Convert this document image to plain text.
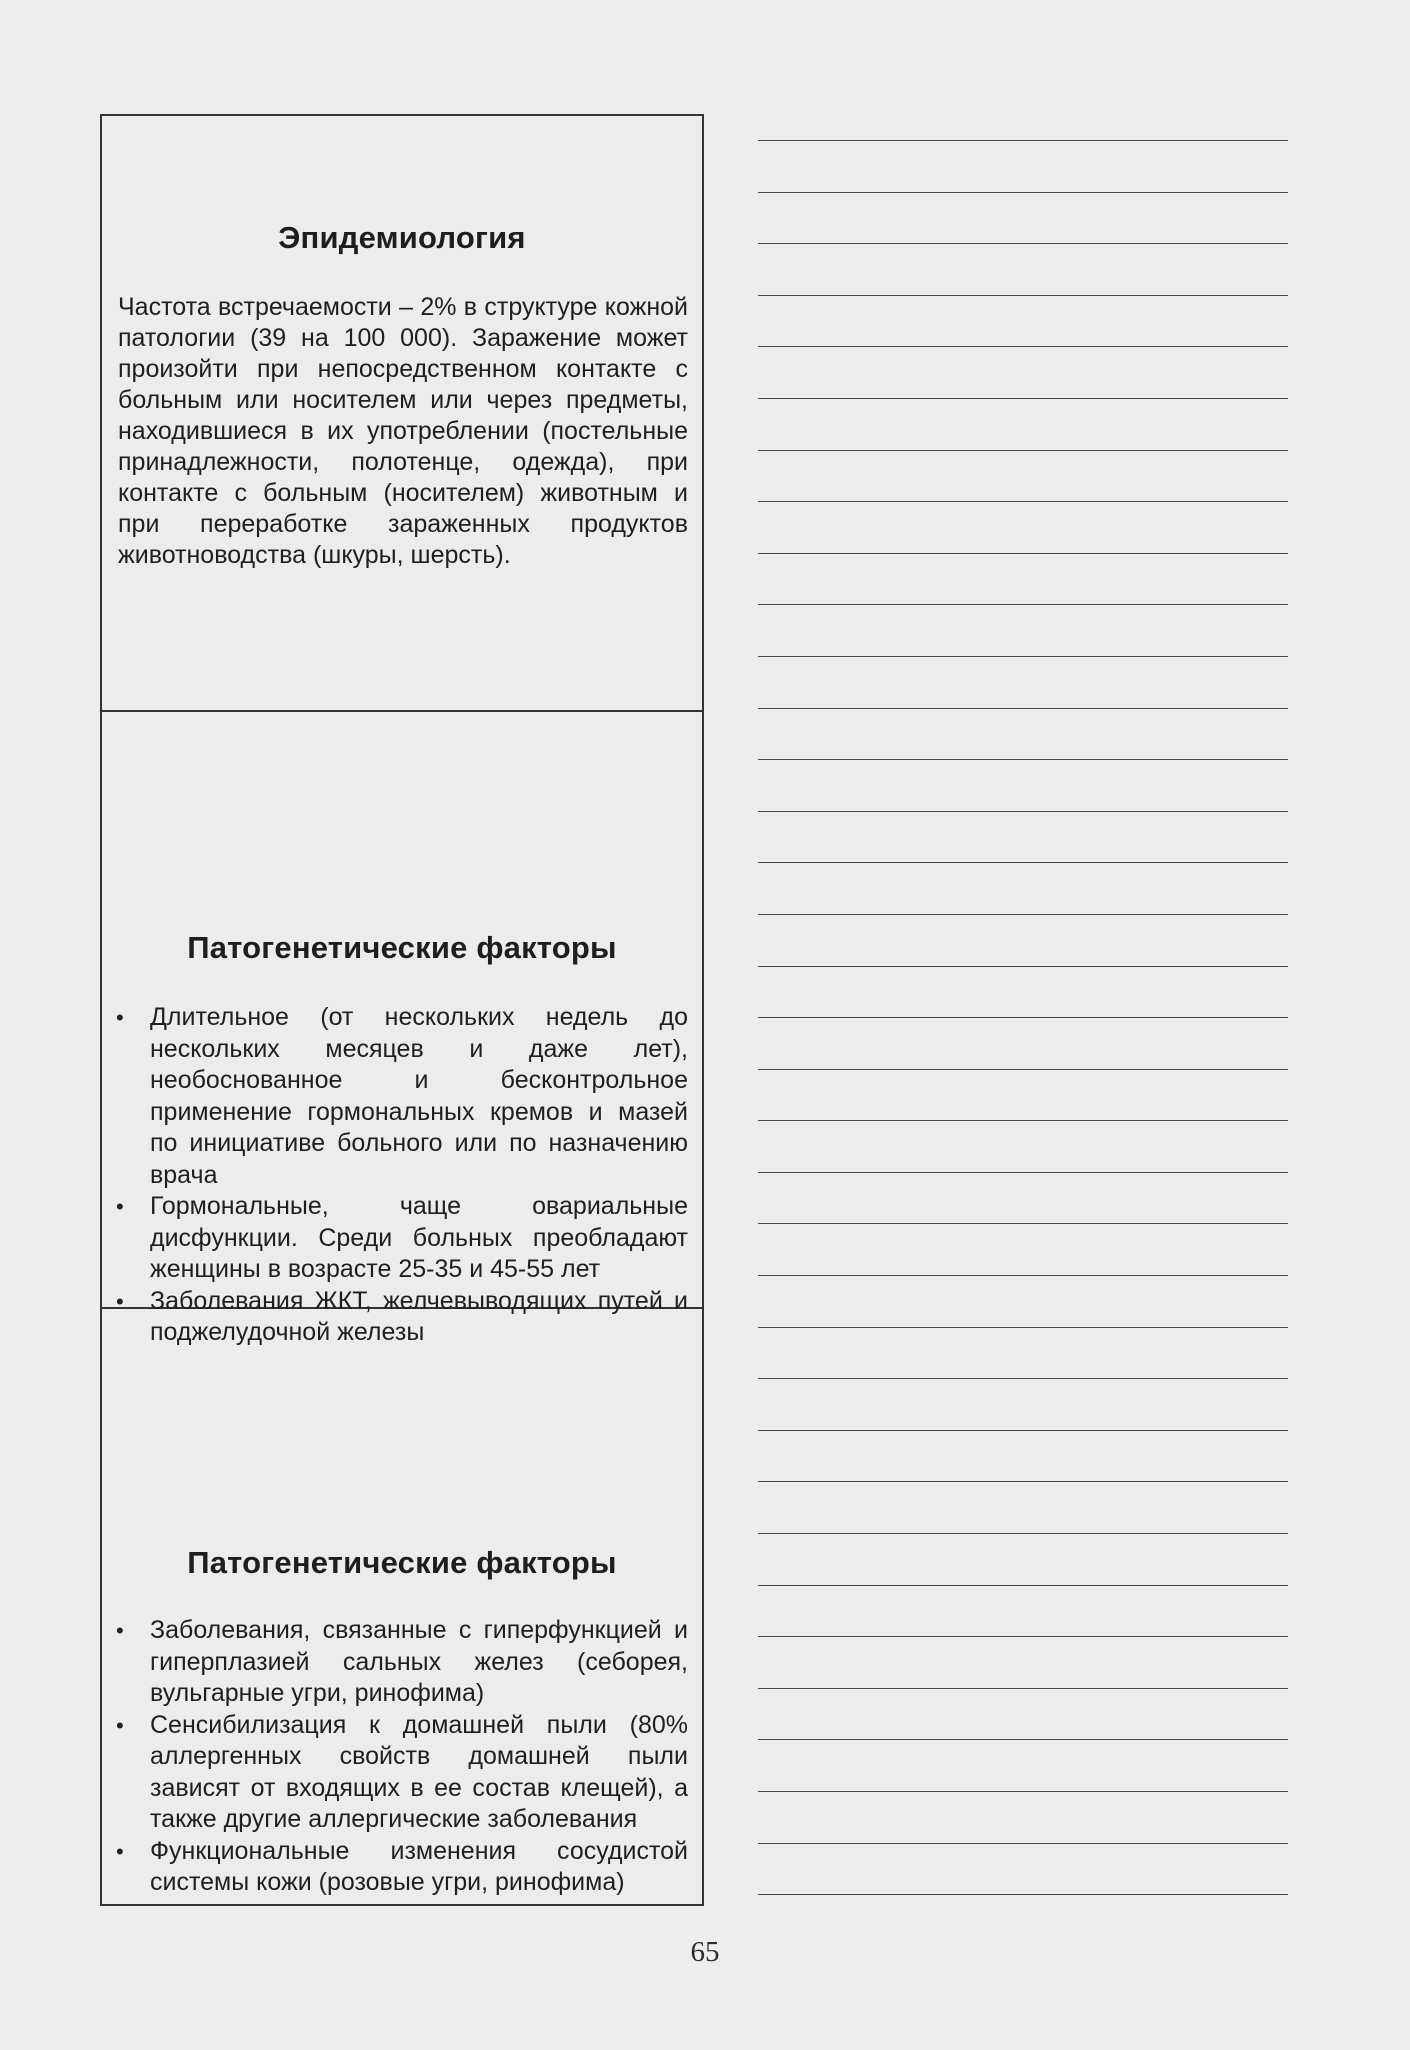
Эпидемиология
Частота встречаемости – 2% в структуре кожной патологии (39 на 100 000). Заражение может произойти при непосредственном контакте с больным или носителем или через предметы, находившиеся в их употреблении (постельные принадлежности, полотенце, одежда), при контакте с больным (носителем) животным и при переработке зараженных продуктов животноводства (шкуры, шерсть).
Патогенетические факторы
• Длительное (от нескольких недель до нескольких месяцев и даже лет), необоснованное и бесконтрольное применение гормональных кремов и мазей по инициативе больного или по назначению врача
• Гормональные, чаще овариальные дисфункции. Среди больных преобладают женщины в возрасте 25-35 и 45-55 лет
• Заболевания ЖКТ, желчевыводящих путей и поджелудочной железы
Патогенетические факторы
• Заболевания, связанные с гиперфункцией и гиперплазией сальных желез (себорея, вульгарные угри, ринофима)
• Сенсибилизация к домашней пыли (80% аллергенных свойств домашней пыли зависят от входящих в ее состав клещей), а также другие аллергические заболевания
• Функциональные изменения сосудистой системы кожи (розовые угри, ринофима)
65
